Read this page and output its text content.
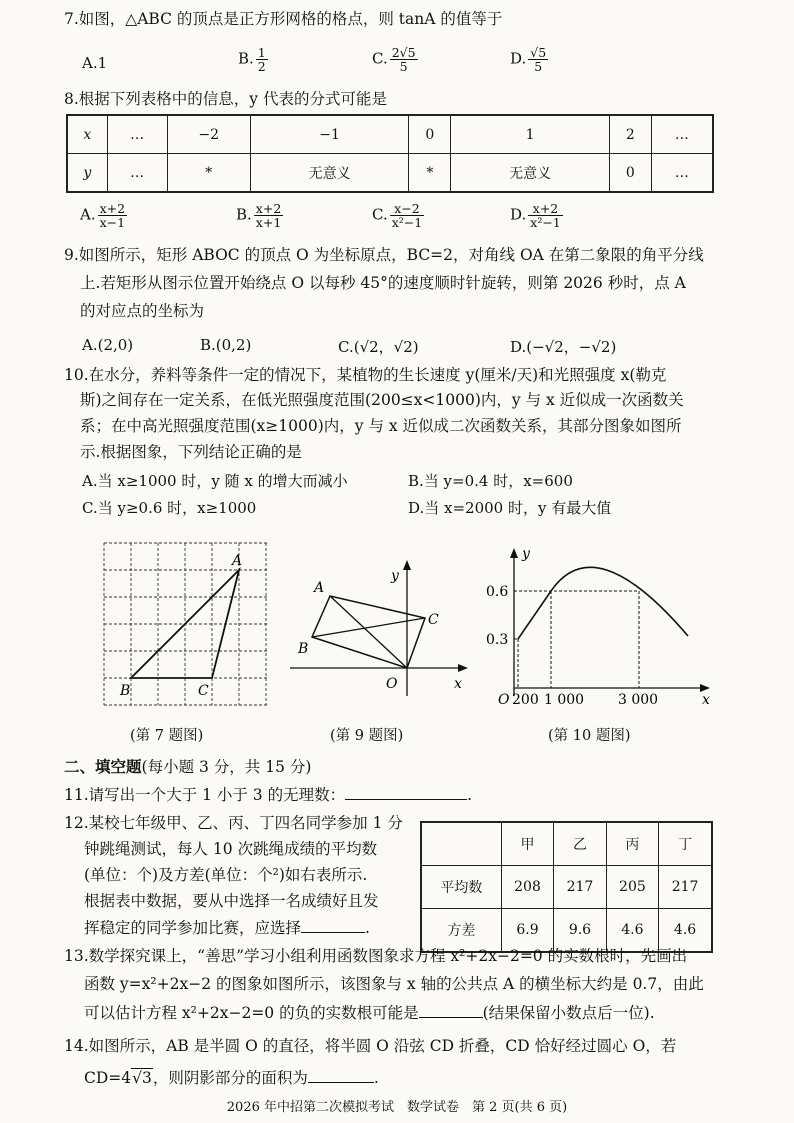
7.如图，△ABC 的顶点是正方形网格的格点，则 tanA 的值等于
A.1	B. $\frac{1}{2}$	C. $\frac{2√5}{5}$	D. $\frac{√5}{5}$
8.根据下列表格中的信息，y 代表的分式可能是
x	…	−2	−1	0	1	2	…
y	…	*	无意义	*	无意义	0	…
A. $\frac{x+2}{x-1}$	B. $\frac{x+2}{x+1}$	C. $\frac{x-2}{\text{x²−1}}$	D. $\frac{x+2}{\text{x²−1}}$
9.如图所示，矩形 ABOC 的顶点 O 为坐标原点，BC=2，对角线 OA 在第二象限的角平分线
上.若矩形从图示位置开始绕点 O 以每秒 45°的速度顺时针旋转，则第 2026 秒时，点 A
的对应点的坐标为
A.(2,0)	B.(0,2)	C.(√2，√2)	D.(−√2，−√2)
10.在水分，养料等条件一定的情况下，某植物的生长速度 y(厘米/天)和光照强度 x(勒克
斯)之间存在一定关系，在低光照强度范围(200≤x<1000)内，y 与 x 近似成一次函数关
系；在中高光照强度范围(x≥1000)内，y 与 x 近似成二次函数关系，其部分图象如图所
示.根据图象，下列结论正确的是
A.当 x≥1000 时，y 随 x 的增大而减小	B.当 y=0.4 时，x=600
C.当 y≥0.6 时，x≥1000	D.当 x=2000 时，y 有最大值
A
B	C
A
B
C
O	x
y
y
x
O
0.6
0.3
200 1 000 3 000
(第 7 题图)	(第 9 题图)	(第 10 题图)
二、填空题(每小题 3 分，共 15 分)
11.请写出一个大于 1 小于 3 的无理数：	.
12.某校七年级甲、乙、丙、丁四名同学参加 1 分
钟跳绳测试，每人 10 次跳绳成绩的平均数
(单位：个)及方差(单位：个²)如右表所示.
根据表中数据，要从中选择一名成绩好且发
挥稳定的同学参加比赛，应选择	.
	甲	乙	丙	丁
平均数	208	217	205	217
方差	6.9	9.6	4.6	4.6
13.数学探究课上，“善思”学习小组利用函数图象求方程 x²+2x−2=0 的实数根时，先画出
函数 y=x²+2x−2 的图象如图所示，该图象与 x 轴的公共点 A 的横坐标大约是 0.7，由此
可以估计方程 x²+2x−2=0 的负的实数根可能是	(结果保留小数点后一位).
14.如图所示，AB 是半圆 O 的直径，将半圆 O 沿弦 CD 折叠，CD 恰好经过圆心 O，若
CD=4√3，则阴影部分的面积为	.
2026 年中招第二次模拟考试　数学试卷　第 2 页(共 6 页)
